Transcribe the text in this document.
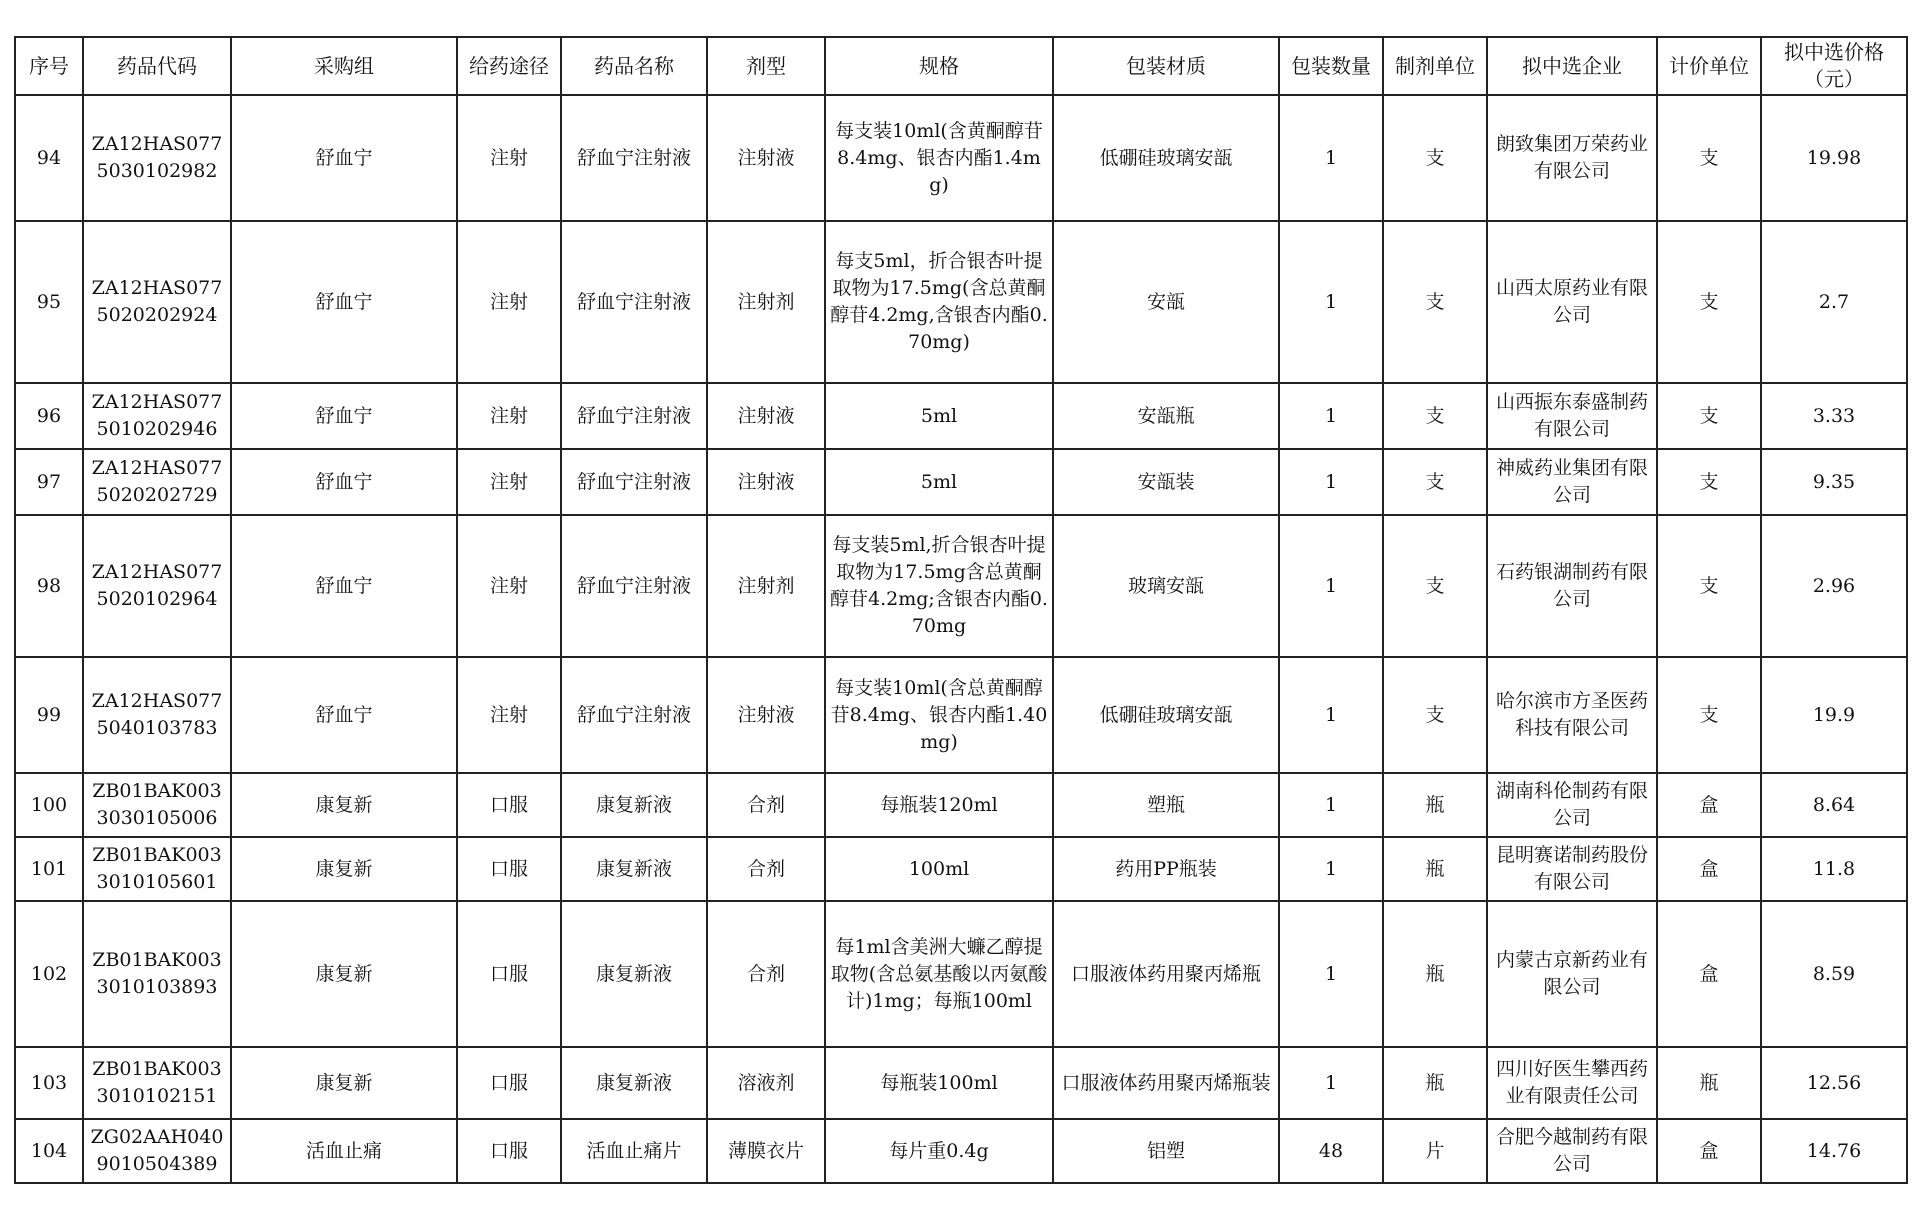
序号	药品代码	采购组	给药途径	药品名称	剂型	规格	包装材质	包装数量	制剂单位	拟中选企业	计价单位	拟中选价格（元）
94	ZA12HAS0775030102982	舒血宁	注射	舒血宁注射液	注射液	每支装10ml(含黄酮醇苷8.4mg、银杏内酯1.4mg)	低硼硅玻璃安瓿	1	支	朗致集团万荣药业有限公司	支	19.98
95	ZA12HAS0775020202924	舒血宁	注射	舒血宁注射液	注射剂	每支5ml，折合银杏叶提取物为17.5mg(含总黄酮醇苷4.2mg,含银杏内酯0.70mg)	安瓿	1	支	山西太原药业有限公司	支	2.7
96	ZA12HAS0775010202946	舒血宁	注射	舒血宁注射液	注射液	5ml	安瓿瓶	1	支	山西振东泰盛制药有限公司	支	3.33
97	ZA12HAS0775020202729	舒血宁	注射	舒血宁注射液	注射液	5ml	安瓿装	1	支	神威药业集团有限公司	支	9.35
98	ZA12HAS0775020102964	舒血宁	注射	舒血宁注射液	注射剂	每支装5ml,折合银杏叶提取物为17.5mg含总黄酮醇苷4.2mg;含银杏内酯0.70mg	玻璃安瓿	1	支	石药银湖制药有限公司	支	2.96
99	ZA12HAS0775040103783	舒血宁	注射	舒血宁注射液	注射液	每支装10ml(含总黄酮醇苷8.4mg、银杏内酯1.40mg)	低硼硅玻璃安瓿	1	支	哈尔滨市方圣医药科技有限公司	支	19.9
100	ZB01BAK0033030105006	康复新	口服	康复新液	合剂	每瓶装120ml	塑瓶	1	瓶	湖南科伦制药有限公司	盒	8.64
101	ZB01BAK0033010105601	康复新	口服	康复新液	合剂	100ml	药用PP瓶装	1	瓶	昆明赛诺制药股份有限公司	盒	11.8
102	ZB01BAK0033010103893	康复新	口服	康复新液	合剂	每1ml含美洲大蠊乙醇提取物(含总氨基酸以丙氨酸计)1mg；每瓶100ml	口服液体药用聚丙烯瓶	1	瓶	内蒙古京新药业有限公司	盒	8.59
103	ZB01BAK0033010102151	康复新	口服	康复新液	溶液剂	每瓶装100ml	口服液体药用聚丙烯瓶装	1	瓶	四川好医生攀西药业有限责任公司	瓶	12.56
104	ZG02AAH0409010504389	活血止痛	口服	活血止痛片	薄膜衣片	每片重0.4g	铝塑	48	片	合肥今越制药有限公司	盒	14.76
